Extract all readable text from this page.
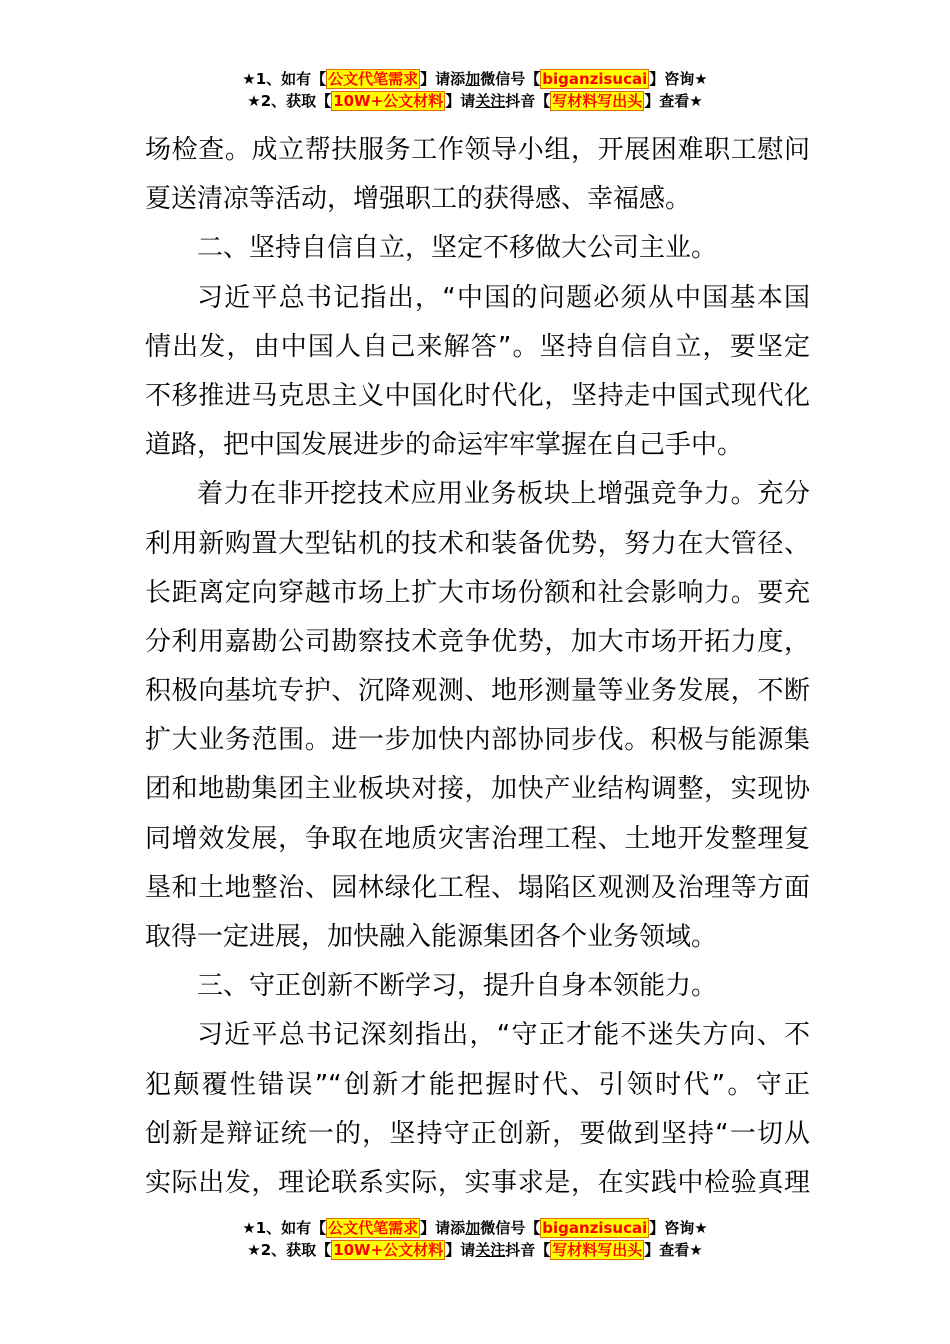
★1、如有【 公文代笔需求 】请添加微信号【 biganzisucai 】咨询★
★2、获取【 10W+公文材料 】请关注抖音【 写材料写出头 】查看★
场检查。成立帮扶服务工作领导小组，开展困难职工慰问
夏送清凉等活动，增强职工的获得感、幸福感。
二、坚持自信自立，坚定不移做大公司主业。
习近平总书记指出，“中国的问题必须从中国基本国
情出发，由中国人自己来解答”。坚持自信自立，要坚定
不移推进马克思主义中国化时代化，坚持走中国式现代化
道路，把中国发展进步的命运牢牢掌握在自己手中。
着力在非开挖技术应用业务板块上增强竞争力。充分
利用新购置大型钻机的技术和装备优势，努力在大管径、
长距离定向穿越市场上扩大市场份额和社会影响力。要充
分利用嘉勘公司勘察技术竞争优势，加大市场开拓力度，
积极向基坑专护、沉降观测、地形测量等业务发展，不断
扩大业务范围。进一步加快内部协同步伐。积极与能源集
团和地勘集团主业板块对接，加快产业结构调整，实现协
同增效发展，争取在地质灾害治理工程、土地开发整理复
垦和土地整治、园林绿化工程、塌陷区观测及治理等方面
取得一定进展，加快融入能源集团各个业务领域。
三、守正创新不断学习，提升自身本领能力。
习近平总书记深刻指出，“守正才能不迷失方向、不
犯颠覆性错误”“创新才能把握时代、引领时代”。守正
创新是辩证统一的，坚持守正创新，要做到坚持“一切从
实际出发，理论联系实际，实事求是，在实践中检验真理
★1、如有【 公文代笔需求 】请添加微信号【 biganzisucai 】咨询★
★2、获取【 10W+公文材料 】请关注抖音【 写材料写出头 】查看★
